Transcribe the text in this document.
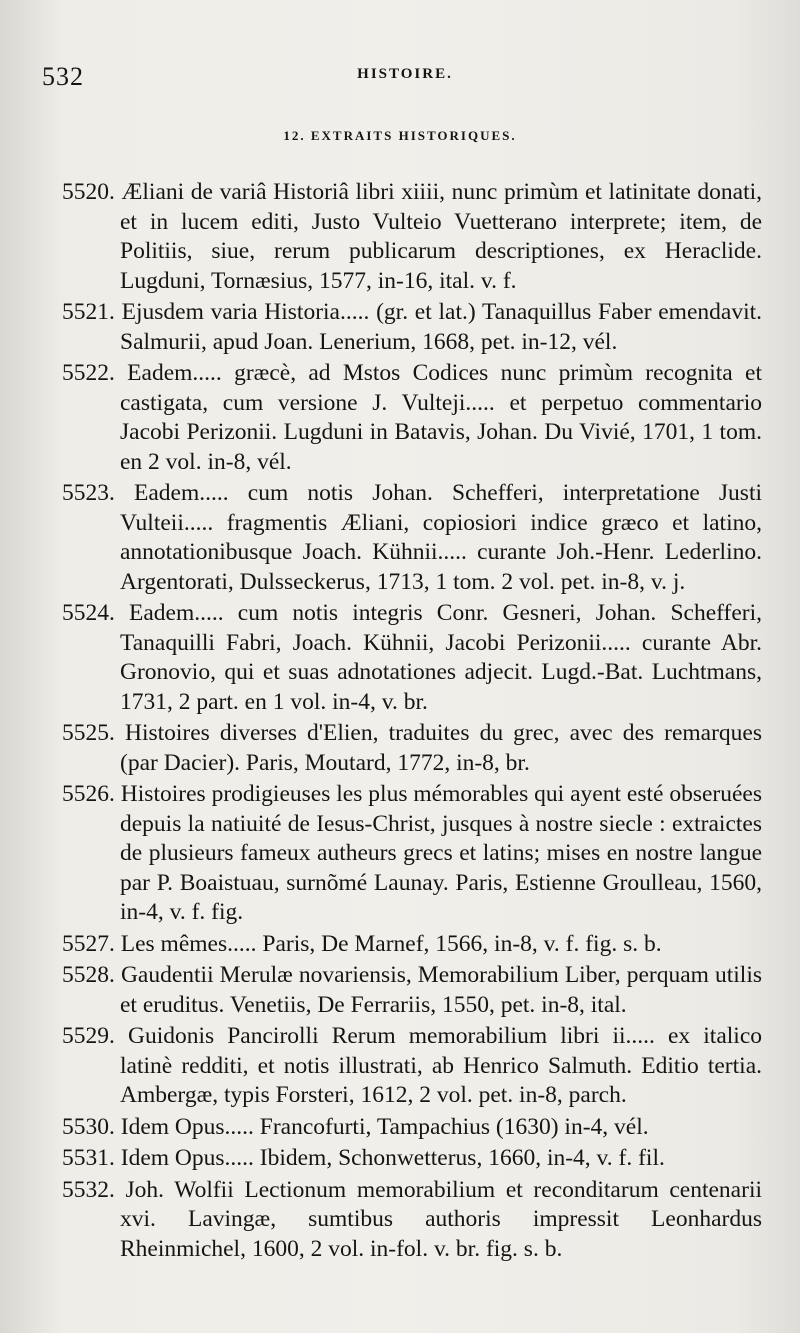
532	HISTOIRE.
12. EXTRAITS HISTORIQUES.

5520. Æliani de variâ Historiâ libri xiiii, nunc primùm et latinitate donati, et in lucem editi, Justo Vulteio Vuetterano interprete; item, de Politiis, siue, rerum publicarum descriptiones, ex Heraclide. Lugduni, Tornæsius, 1577, in-16, ital. v. f.

5521. Ejusdem varia Historia..... (gr. et lat.) Tanaquillus Faber emendavit. Salmurii, apud Joan. Lenerium, 1668, pet. in-12, vél.

5522. Eadem..... græcè, ad Mstos Codices nunc primùm recognita et castigata, cum versione J. Vulteji..... et perpetuo commentario Jacobi Perizonii. Lugduni in Batavis, Johan. Du Vivié, 1701, 1 tom. en 2 vol. in-8, vél.

5523. Eadem..... cum notis Johan. Schefferi, interpretatione Justi Vulteii..... fragmentis Æliani, copiosiori indice græco et latino, annotationibusque Joach. Kühnii..... curante Joh.-Henr. Lederlino. Argentorati, Dulsseckerus, 1713, 1 tom. 2 vol. pet. in-8, v. j.

5524. Eadem..... cum notis integris Conr. Gesneri, Johan. Schefferi, Tanaquilli Fabri, Joach. Kühnii, Jacobi Perizonii..... curante Abr. Gronovio, qui et suas adnotationes adjecit. Lugd.-Bat. Luchtmans, 1731, 2 part. en 1 vol. in-4, v. br.

5525. Histoires diverses d'Elien, traduites du grec, avec des remarques (par Dacier). Paris, Moutard, 1772, in-8, br.

5526. Histoires prodigieuses les plus mémorables qui ayent esté obseruées depuis la natiuité de Iesus-Christ, jusques à nostre siecle : extraictes de plusieurs fameux autheurs grecs et latins; mises en nostre langue par P. Boaistuau, surnõmé Launay. Paris, Estienne Groulleau, 1560, in-4, v. f. fig.

5527. Les mêmes..... Paris, De Marnef, 1566, in-8, v. f. fig. s. b.

5528. Gaudentii Merulæ novariensis, Memorabilium Liber, perquam utilis et eruditus. Venetiis, De Ferrariis, 1550, pet. in-8, ital.

5529. Guidonis Pancirolli Rerum memorabilium libri ii..... ex italico latinè redditi, et notis illustrati, ab Henrico Salmuth. Editio tertia. Ambergæ, typis Forsteri, 1612, 2 vol. pet. in-8, parch.

5530. Idem Opus..... Francofurti, Tampachius (1630) in-4, vél.

5531. Idem Opus..... Ibidem, Schonwetterus, 1660, in-4, v. f. fil.

5532. Joh. Wolfii Lectionum memorabilium et reconditarum centenarii xvi. Lavingæ, sumtibus authoris impressit Leonhardus Rheinmichel, 1600, 2 vol. in-fol. v. br. fig. s. b.
